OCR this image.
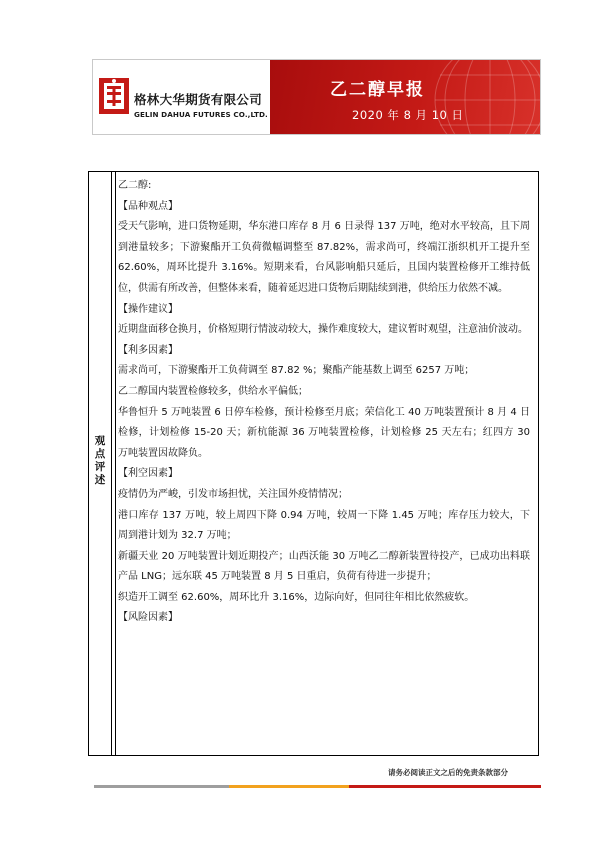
格林大华期货有限公司
GELIN DAHUA FUTURES CO.,LTD.
乙二醇早报
2020 年 8 月 10 日
观
点
评
述

乙二醇:

【品种观点】

受天气影响，进口货物延期，华东港口库存 8 月 6 日录得 137 万吨，绝对水平较高，且下周到港量较多；下游聚酯开工负荷微幅调整至 87.82%，需求尚可，终端江浙织机开工提升至 62.60%，周环比提升 3.16%。短期来看，台风影响船只延后，且国内装置检修开工维持低位，供需有所改善，但整体来看，随着延迟进口货物后期陆续到港，供给压力依然不减。

【操作建议】

近期盘面移仓换月，价格短期行情波动较大，操作难度较大，建议暂时观望，注意油价波动。

【利多因素】

需求尚可，下游聚酯开工负荷调至 87.82 %；聚酯产能基数上调至 6257 万吨；

乙二醇国内装置检修较多，供给水平偏低；

华鲁恒升 5 万吨装置 6 日停车检修，预计检修至月底；荣信化工 40 万吨装置预计 8 月 4 日检修，计划检修 15-20 天；新杭能源 36 万吨装置检修，计划检修 25 天左右；红四方 30 万吨装置因故降负。

【利空因素】

疫情仍为严峻，引发市场担忧，关注国外疫情情况；

港口库存 137 万吨，较上周四下降 0.94 万吨，较周一下降 1.45 万吨；库存压力较大，下周到港计划为 32.7 万吨；

新疆天业 20 万吨装置计划近期投产；山西沃能 30 万吨乙二醇新装置待投产，已成功出料联产品 LNG；远东联 45 万吨装置 8 月 5 日重启，负荷有待进一步提升；

织造开工调至 62.60%，周环比升 3.16%，边际向好，但同往年相比依然疲软。

【风险因素】

请务必阅读正文之后的免责条款部分
